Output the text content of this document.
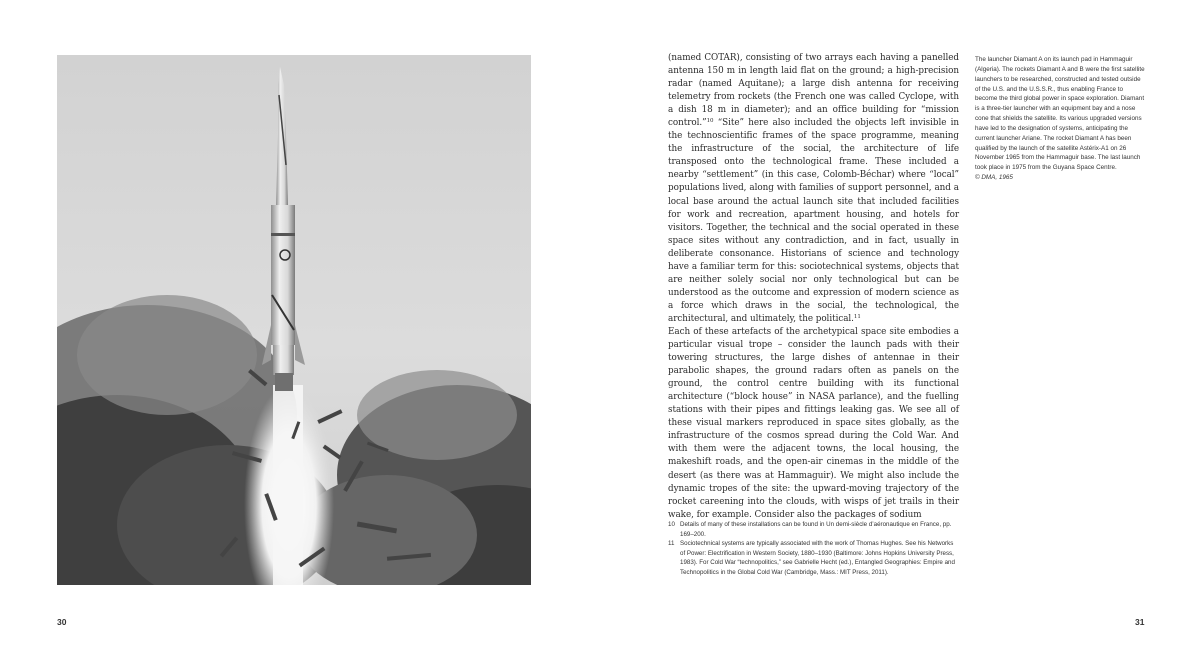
30

(named COTAR), consisting of two arrays each having a panelled antenna 150 m in length laid flat on the ground; a high-precision radar (named Aquitane); a large dish antenna for receiving telemetry from rockets (the French one was called Cyclope, with a dish 18 m in diameter); and an office building for “mission control.”$^{10}$ “Site” here also included the objects left invisible in the technoscientific frames of the space programme, meaning the infrastructure of the social, the architecture of life transposed onto the technological frame. These included a nearby “settlement” (in this case, Colomb-Béchar) where “local” populations lived, along with families of support personnel, and a local base around the actual launch site that included facilities for work and recreation, apartment housing, and hotels for visitors. Together, the technical and the social operated in these space sites without any contradiction, and in fact, usually in deliberate consonance. Historians of science and technology have a familiar term for this: sociotechnical systems, objects that are neither solely social nor only technological but can be understood as the outcome and expression of modern science as a force which draws in the social, the technological, the architectural, and ultimately, the political.$^{11}$

Each of these artefacts of the archetypical space site embodies a particular visual trope – consider the launch pads with their towering structures, the large dishes of antennae in their parabolic shapes, the ground radars often as panels on the ground, the control centre building with its functional architecture (“block house” in NASA parlance), and the fuelling stations with their pipes and fittings leaking gas. We see all of these visual markers reproduced in space sites globally, as the infrastructure of the cosmos spread during the Cold War. And with them were the adjacent towns, the local housing, the makeshift roads, and the open-air cinemas in the middle of the desert (as there was at Hammaguir). We might also include the dynamic tropes of the site: the upward-moving trajectory of the rocket careening into the clouds, with wisps of jet trails in their wake, for example. Consider also the packages of sodium

The launcher Diamant A on its launch pad in Hammaguir (Algeria). The rockets Diamant A and B were the first satellite launchers to be researched, constructed and tested outside of the U.S. and the U.S.S.R., thus enabling France to become the third global power in space exploration. Diamant is a three-tier launcher with an equipment bay and a nose cone that shields the satellite. Its various upgraded versions have led to the designation of systems, anticipating the current launcher Ariane. The rocket Diamant A has been qualified by the launch of the satellite Astérix-A1 on 26 November 1965 from the Hammaguir base. The last launch took place in 1975 from the Guyana Space Centre.
© DMA, 1965

10 Details of many of these installations can be found in Un demi-siècle d’aéronautique en France, pp. 169–200.
11 Sociotechnical systems are typically associated with the work of Thomas Hughes. See his Networks of Power: Electrification in Western Society, 1880–1930 (Baltimore: Johns Hopkins University Press, 1983). For Cold War “technopolitics,” see Gabrielle Hecht (ed.), Entangled Geographies: Empire and Technopolitics in the Global Cold War (Cambridge, Mass.: MIT Press, 2011).
31
